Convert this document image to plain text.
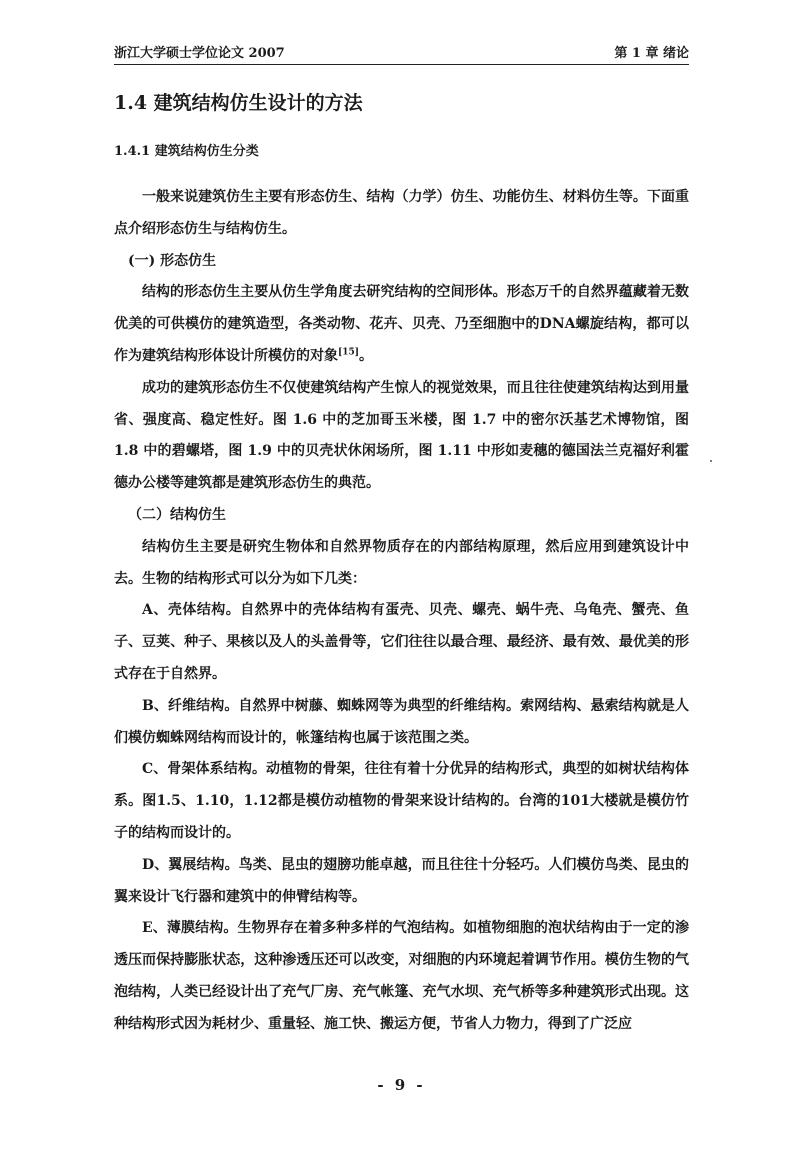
浙江大学硕士学位论文 2007	第 1 章 绪论
1.4 建筑结构仿生设计的方法
1.4.1 建筑结构仿生分类

一般来说建筑仿生主要有形态仿生、结构（力学）仿生、功能仿生、材料仿生等。下面重点介绍形态仿生与结构仿生。

(一) 形态仿生

结构的形态仿生主要从仿生学角度去研究结构的空间形体。形态万千的自然界蕴藏着无数优美的可供模仿的建筑造型，各类动物、花卉、贝壳、乃至细胞中的DNA螺旋结构，都可以作为建筑结构形体设计所模仿的对象[15]。

成功的建筑形态仿生不仅使建筑结构产生惊人的视觉效果，而且往往使建筑结构达到用量省、强度高、稳定性好。图 1.6 中的芝加哥玉米楼，图 1.7 中的密尔沃基艺术博物馆，图 1.8 中的碧螺塔，图 1.9 中的贝壳状休闲场所，图 1.11 中形如麦穗的德国法兰克福好利霍德办公楼等建筑都是建筑形态仿生的典范。

（二）结构仿生

结构仿生主要是研究生物体和自然界物质存在的内部结构原理，然后应用到建筑设计中去。生物的结构形式可以分为如下几类：

A、壳体结构。自然界中的壳体结构有蛋壳、贝壳、螺壳、蜗牛壳、乌龟壳、蟹壳、鱼子、豆荚、种子、果核以及人的头盖骨等，它们往往以最合理、最经济、最有效、最优美的形式存在于自然界。

B、纤维结构。自然界中树藤、蜘蛛网等为典型的纤维结构。索网结构、悬索结构就是人们模仿蜘蛛网结构而设计的，帐篷结构也属于该范围之类。

C、骨架体系结构。动植物的骨架，往往有着十分优异的结构形式，典型的如树状结构体系。图1.5、1.10，1.12都是模仿动植物的骨架来设计结构的。台湾的101大楼就是模仿竹子的结构而设计的。

D、翼展结构。鸟类、昆虫的翅膀功能卓越，而且往往十分轻巧。人们模仿鸟类、昆虫的翼来设计飞行器和建筑中的伸臂结构等。

E、薄膜结构。生物界存在着多种多样的气泡结构。如植物细胞的泡状结构由于一定的渗透压而保持膨胀状态，这种渗透压还可以改变，对细胞的内环境起着调节作用。模仿生物的气泡结构，人类已经设计出了充气厂房、充气帐篷、充气水坝、充气桥等多种建筑形式出现。这种结构形式因为耗材少、重量轻、施工快、搬运方便，节省人力物力，得到了广泛应

- 9 -
